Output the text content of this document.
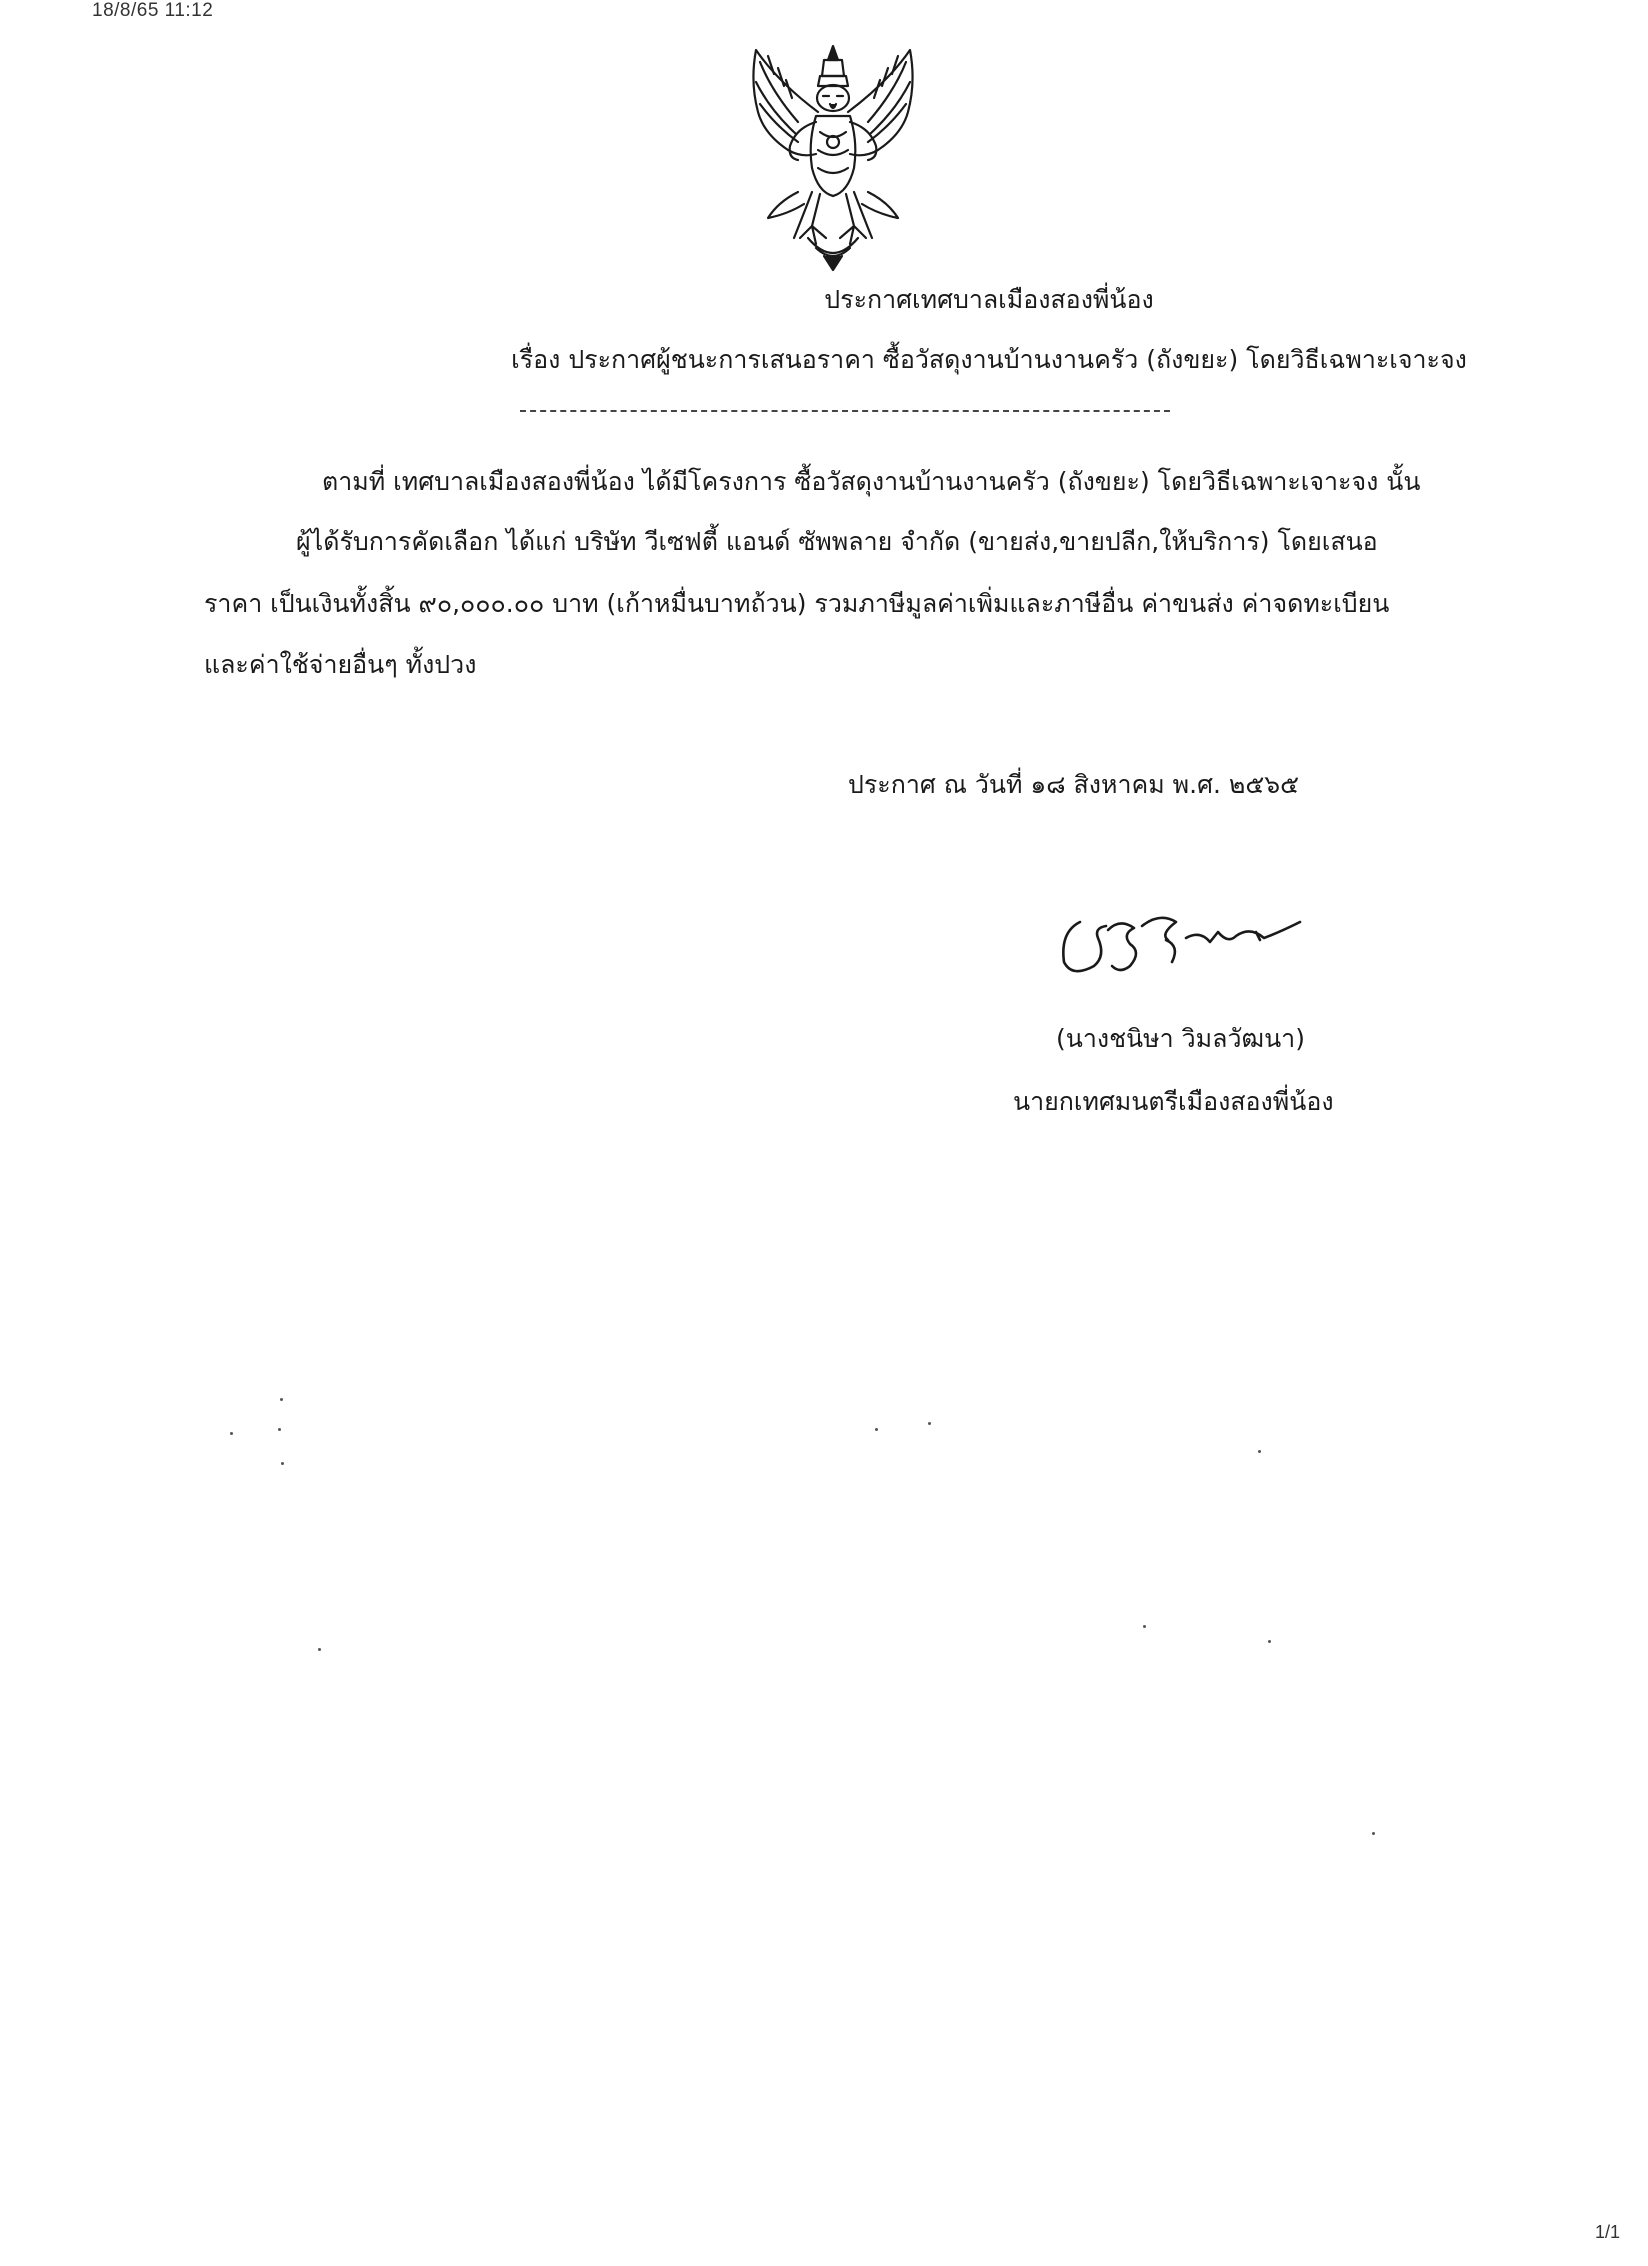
18/8/65 11:12
ประกาศเทศบาลเมืองสองพี่น้อง
เรื่อง ประกาศผู้ชนะการเสนอราคา ซื้อวัสดุงานบ้านงานครัว (ถังขยะ) โดยวิธีเฉพาะเจาะจง
ตามที่ เทศบาลเมืองสองพี่น้อง ได้มีโครงการ ซื้อวัสดุงานบ้านงานครัว (ถังขยะ) โดยวิธีเฉพาะเจาะจง นั้น
ผู้ได้รับการคัดเลือก ได้แก่ บริษัท วีเซฟตี้ แอนด์ ซัพพลาย จำกัด (ขายส่ง,ขายปลีก,ให้บริการ) โดยเสนอ
ราคา เป็นเงินทั้งสิ้น ๙๐,๐๐๐.๐๐ บาท (เก้าหมื่นบาทถ้วน) รวมภาษีมูลค่าเพิ่มและภาษีอื่น ค่าขนส่ง ค่าจดทะเบียน
และค่าใช้จ่ายอื่นๆ ทั้งปวง
ประกาศ ณ วันที่ ๑๘ สิงหาคม พ.ศ. ๒๕๖๕
(นางชนิษา วิมลวัฒนา)
นายกเทศมนตรีเมืองสองพี่น้อง
1/1
